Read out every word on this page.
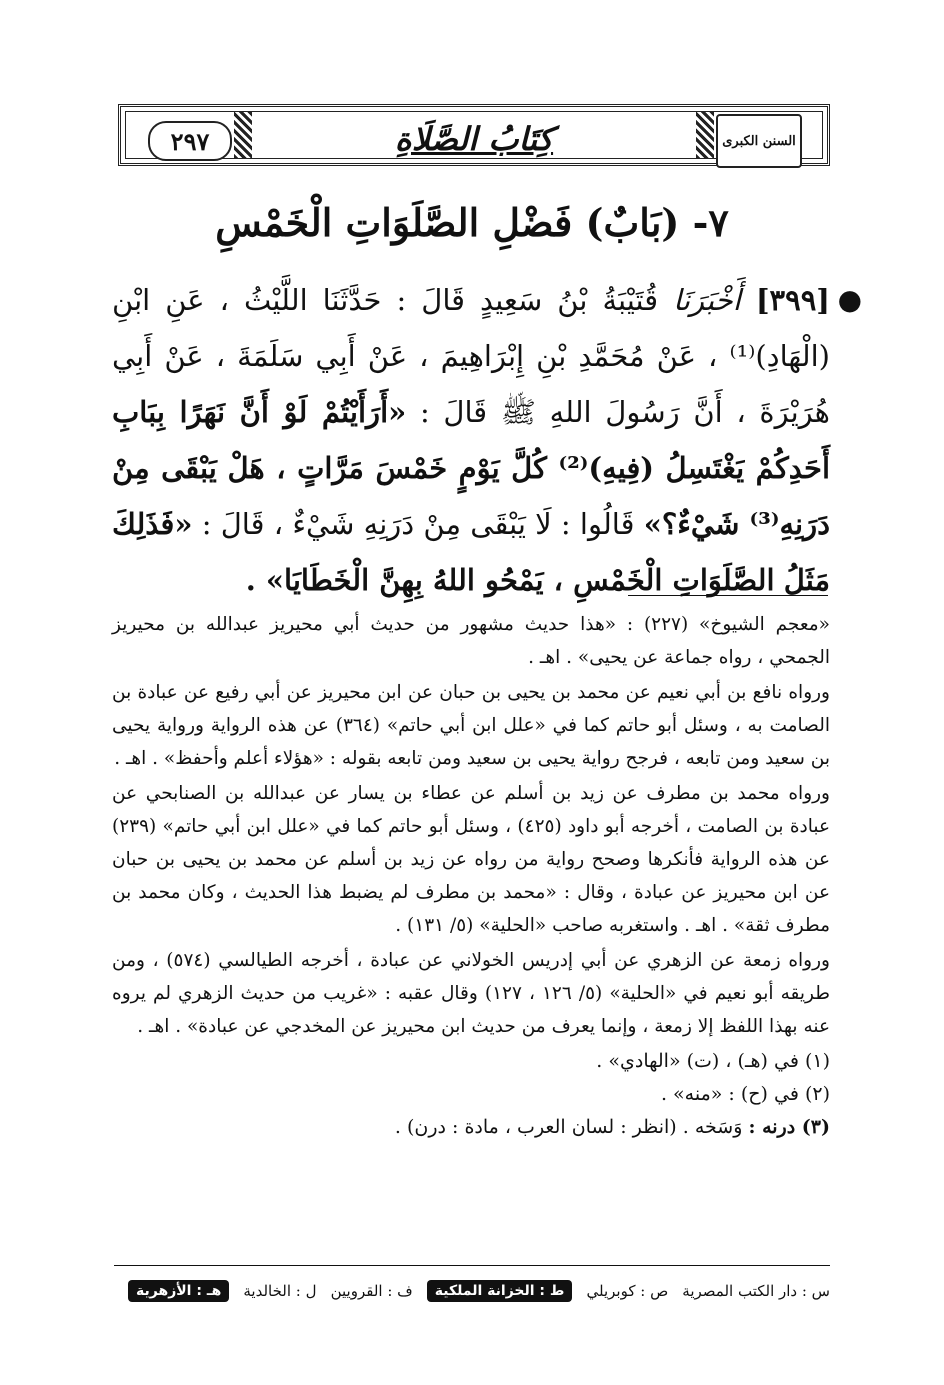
٢٩٧	كِتَابُ الصَّلَاةِ	السنن الكبرى
٧- (بَابٌ) فَضْلِ الصَّلَوَاتِ الْخَمْسِ
●
[٣٩٩] أَخْبَرَنَا قُتَيْبَةُ بْنُ سَعِيدٍ قَالَ : حَدَّثَنَا اللَّيْثُ ، عَنِ ابْنِ (الْهَادِ)⁽¹⁾ ، عَنْ مُحَمَّدِ بْنِ إِبْرَاهِيمَ ، عَنْ أَبِي سَلَمَةَ ، عَنْ أَبِي هُرَيْرَةَ ، أَنَّ رَسُولَ اللهِ ﷺ قَالَ : «أَرَأَيْتُمْ لَوْ أَنَّ نَهَرًا بِبَابِ أَحَدِكُمْ يَغْتَسِلُ (فِيهِ)⁽²⁾ كُلَّ يَوْمٍ خَمْسَ مَرَّاتٍ ، هَلْ يَبْقَى مِنْ دَرَنِهِ⁽³⁾ شَيْءٌ؟» قَالُوا : لَا يَبْقَى مِنْ دَرَنِهِ شَيْءٌ ، قَالَ : «فَذَلِكَ مَثَلُ الصَّلَوَاتِ الْخَمْسِ ، يَمْحُو اللهُ بِهِنَّ الْخَطَايَا» .

«معجم الشيوخ» (٢٢٧) : «هذا حديث مشهور من حديث أبي محيريز عبدالله بن محيريز الجمحي ، رواه جماعة عن يحيى» . اهـ .

ورواه نافع بن أبي نعيم عن محمد بن يحيى بن حبان عن ابن محيريز عن أبي رفيع عن عبادة بن الصامت به ، وسئل أبو حاتم كما في «علل ابن أبي حاتم» (٣٦٤) عن هذه الرواية ورواية يحيى بن سعيد ومن تابعه ، فرجح رواية يحيى بن سعيد ومن تابعه بقوله : «هؤلاء أعلم وأحفظ» . اهـ .

ورواه محمد بن مطرف عن زيد بن أسلم عن عطاء بن يسار عن عبدالله بن الصنابحي عن عبادة بن الصامت ، أخرجه أبو داود (٤٢٥) ، وسئل أبو حاتم كما في «علل ابن أبي حاتم» (٢٣٩) عن هذه الرواية فأنكرها وصحح رواية من رواه عن زيد بن أسلم عن محمد بن يحيى بن حبان عن ابن محيريز عن عبادة ، وقال : «محمد بن مطرف لم يضبط هذا الحديث ، وكان محمد بن مطرف ثقة» . اهـ . واستغربه صاحب «الحلية» (٥/ ١٣١) .

ورواه زمعة عن الزهري عن أبي إدريس الخولاني عن عبادة ، أخرجه الطيالسي (٥٧٤) ، ومن طريقه أبو نعيم في «الحلية» (٥/ ١٢٦ ، ١٢٧) وقال عقبه : «غريب من حديث الزهري لم يروه عنه بهذا اللفظ إلا زمعة ، وإنما يعرف من حديث ابن محيريز عن المخدجي عن عبادة» . اهـ .

(١) في (هـ) ، (ت) «الهادي» .

(٢) في (ح) : «منه» .

(٣) درنه : وَسَخه . (انظر : لسان العرب ، مادة : درن) .

س : دار الكتب المصرية
ص : كوبريلي
ط : الخزانة الملكية
ف : القرويين
ل : الخالدية
هـ : الأزهرية
